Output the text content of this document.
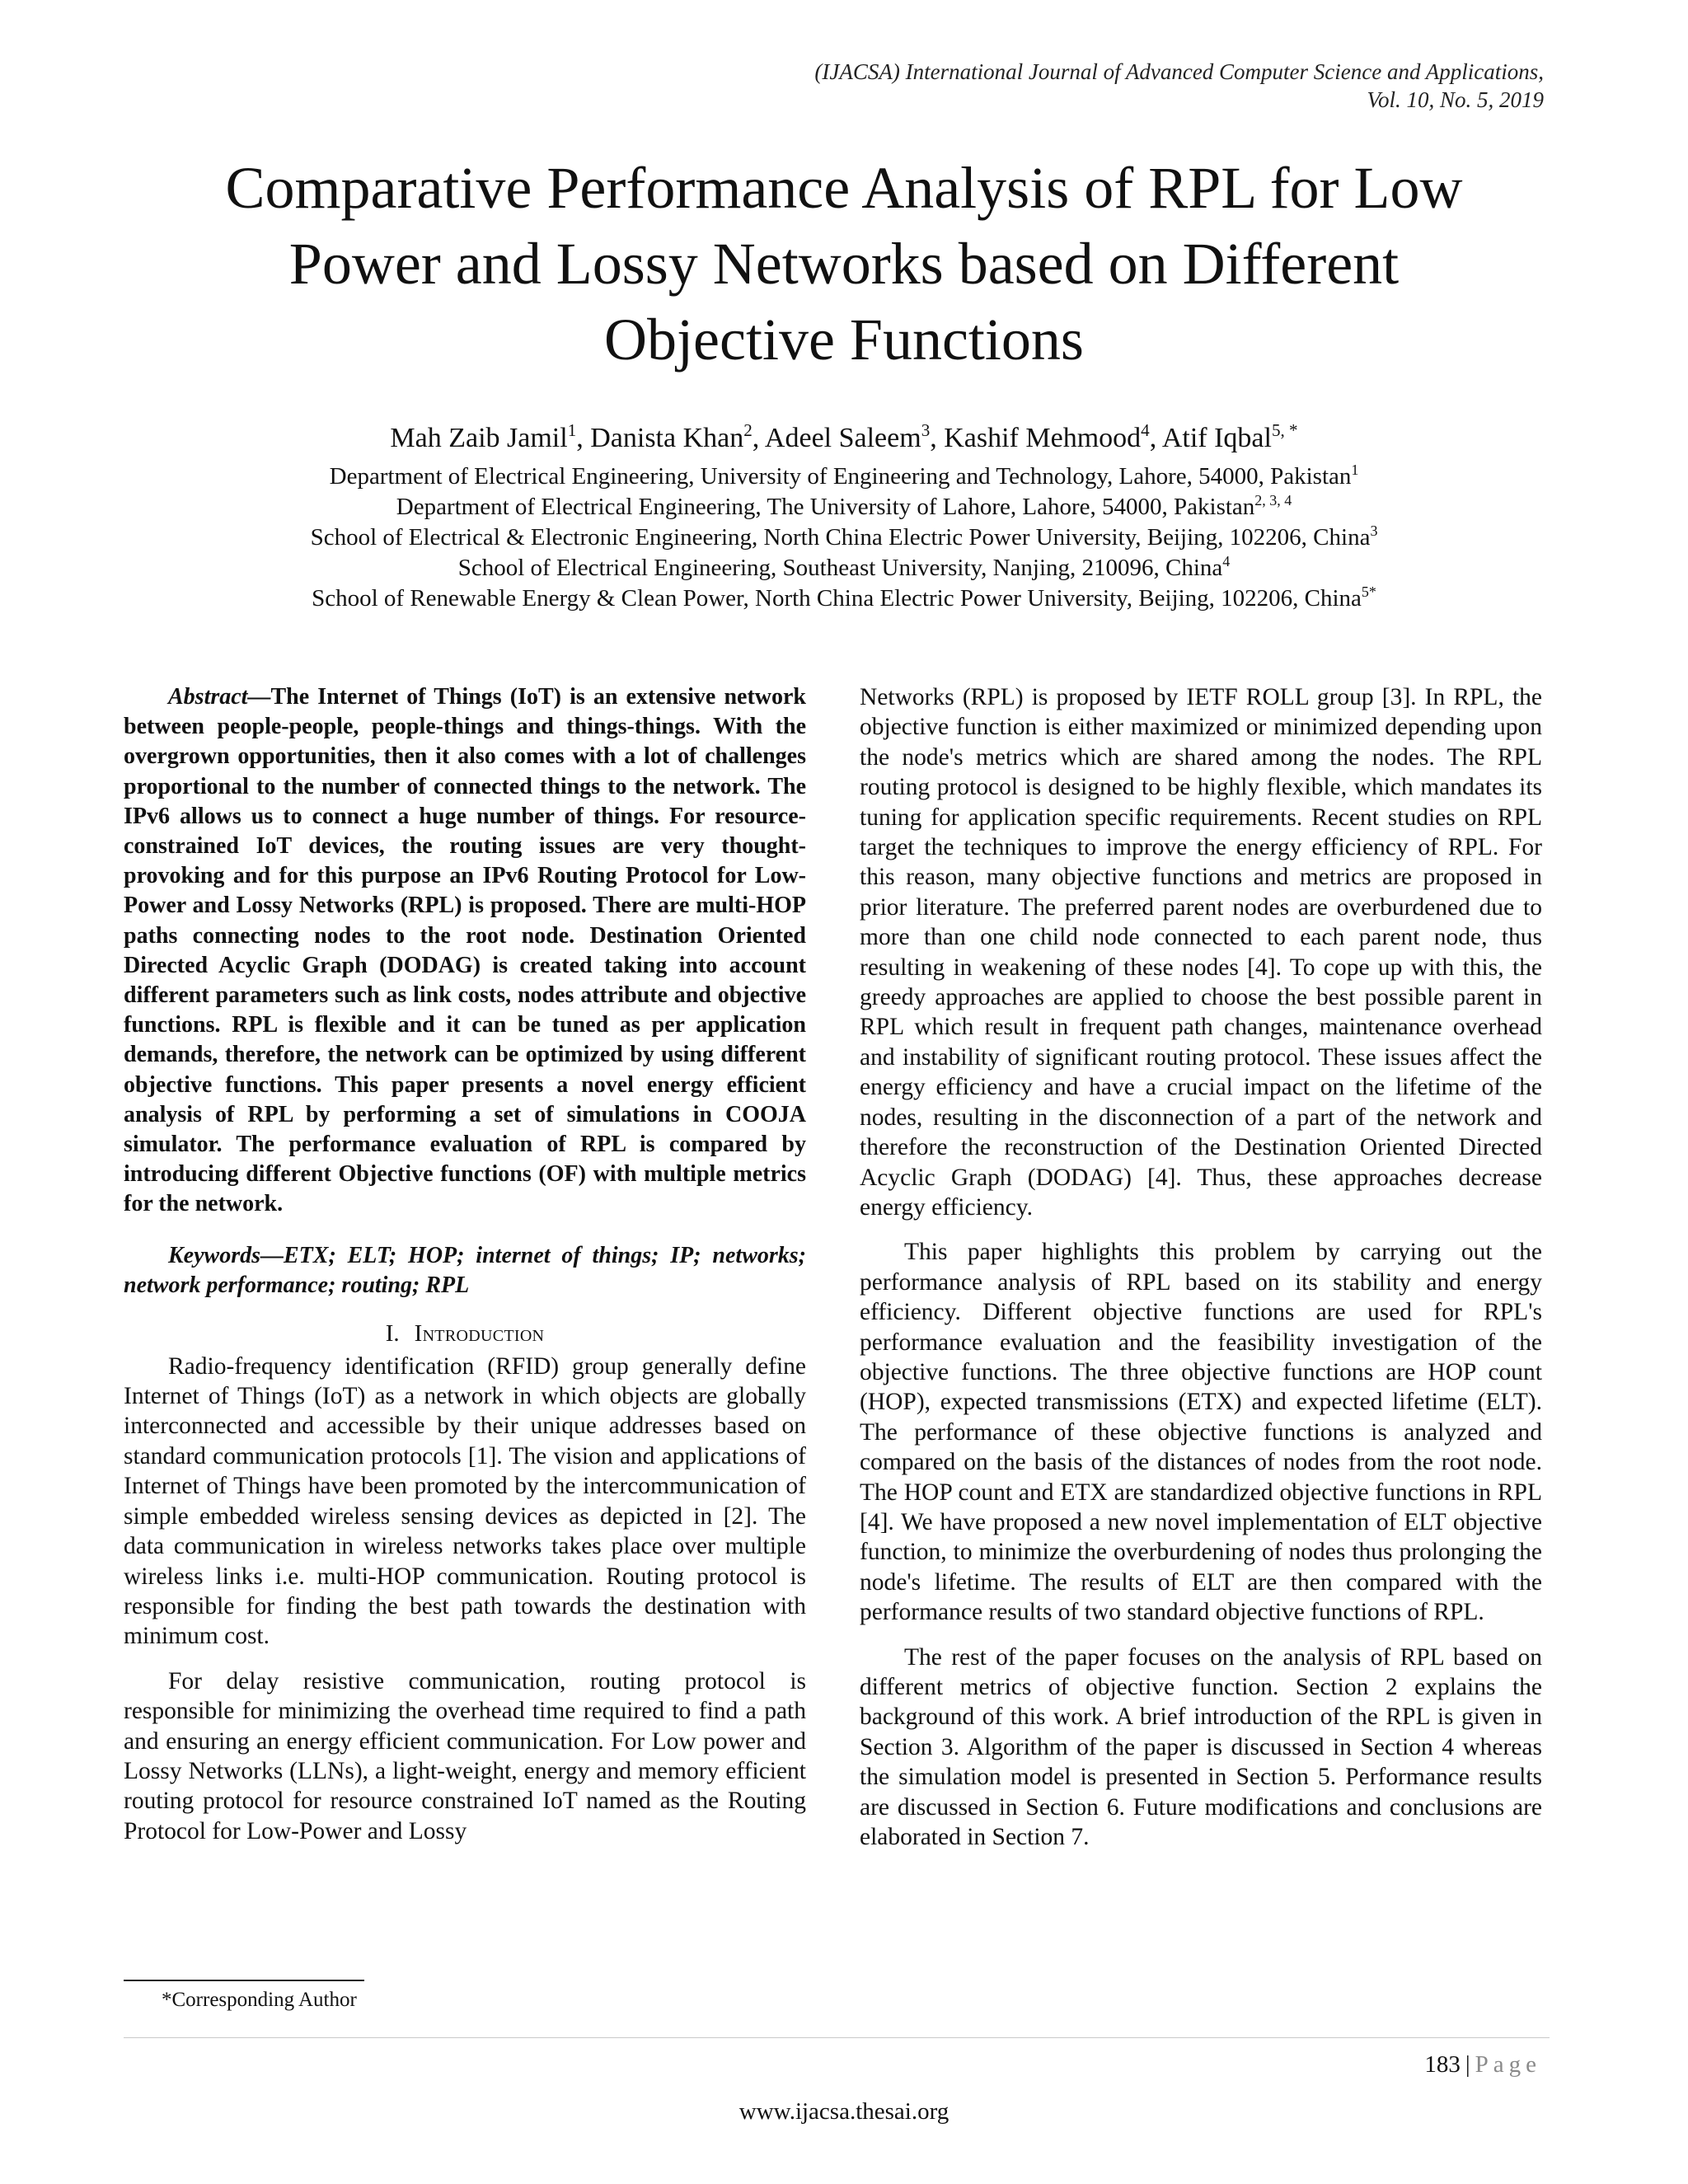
(IJACSA) International Journal of Advanced Computer Science and Applications,
Vol. 10, No. 5, 2019
Comparative Performance Analysis of RPL for Low
Power and Lossy Networks based on Different
Objective Functions
Mah Zaib Jamil$^1$, Danista Khan$^2$, Adeel Saleem$^3$, Kashif Mehmood$^4$, Atif Iqbal$^{5, *}$
Department of Electrical Engineering, University of Engineering and Technology, Lahore, 54000, Pakistan$^1$
Department of Electrical Engineering, The University of Lahore, Lahore, 54000, Pakistan$^{2, 3, 4}$
School of Electrical & Electronic Engineering, North China Electric Power University, Beijing, 102206, China$^3$
School of Electrical Engineering, Southeast University, Nanjing, 210096, China$^4$
School of Renewable Energy & Clean Power, North China Electric Power University, Beijing, 102206, China$^{5*}$

Abstract—The Internet of Things (IoT) is an extensive network between people-people, people-things and things-things. With the overgrown opportunities, then it also comes with a lot of challenges proportional to the number of connected things to the network. The IPv6 allows us to connect a huge number of things. For resource-constrained IoT devices, the routing issues are very thought-provoking and for this purpose an IPv6 Routing Protocol for Low-Power and Lossy Networks (RPL) is proposed. There are multi-HOP paths connecting nodes to the root node. Destination Oriented Directed Acyclic Graph (DODAG) is created taking into account different parameters such as link costs, nodes attribute and objective functions. RPL is flexible and it can be tuned as per application demands, therefore, the network can be optimized by using different objective functions. This paper presents a novel energy efficient analysis of RPL by performing a set of simulations in COOJA simulator. The performance evaluation of RPL is compared by introducing different Objective functions (OF) with multiple metrics for the network.

Keywords—ETX; ELT; HOP; internet of things; IP; networks; network performance; routing; RPL

I. Introduction

Radio-frequency identification (RFID) group generally define Internet of Things (IoT) as a network in which objects are globally interconnected and accessible by their unique addresses based on standard communication protocols [1]. The vision and applications of Internet of Things have been promoted by the intercommunication of simple embedded wireless sensing devices as depicted in [2]. The data communication in wireless networks takes place over multiple wireless links i.e. multi-HOP communication. Routing protocol is responsible for finding the best path towards the destination with minimum cost.

For delay resistive communication, routing protocol is responsible for minimizing the overhead time required to find a path and ensuring an energy efficient communication. For Low power and Lossy Networks (LLNs), a light-weight, energy and memory efficient routing protocol for resource constrained IoT named as the Routing Protocol for Low-Power and Lossy

Networks (RPL) is proposed by IETF ROLL group [3]. In RPL, the objective function is either maximized or minimized depending upon the node's metrics which are shared among the nodes. The RPL routing protocol is designed to be highly flexible, which mandates its tuning for application specific requirements. Recent studies on RPL target the techniques to improve the energy efficiency of RPL. For this reason, many objective functions and metrics are proposed in prior literature. The preferred parent nodes are overburdened due to more than one child node connected to each parent node, thus resulting in weakening of these nodes [4]. To cope up with this, the greedy approaches are applied to choose the best possible parent in RPL which result in frequent path changes, maintenance overhead and instability of significant routing protocol. These issues affect the energy efficiency and have a crucial impact on the lifetime of the nodes, resulting in the disconnection of a part of the network and therefore the reconstruction of the Destination Oriented Directed Acyclic Graph (DODAG) [4]. Thus, these approaches decrease energy efficiency.

This paper highlights this problem by carrying out the performance analysis of RPL based on its stability and energy efficiency. Different objective functions are used for RPL's performance evaluation and the feasibility investigation of the objective functions. The three objective functions are HOP count (HOP), expected transmissions (ETX) and expected lifetime (ELT). The performance of these objective functions is analyzed and compared on the basis of the distances of nodes from the root node. The HOP count and ETX are standardized objective functions in RPL [4]. We have proposed a new novel implementation of ELT objective function, to minimize the overburdening of nodes thus prolonging the node's lifetime. The results of ELT are then compared with the performance results of two standard objective functions of RPL.

The rest of the paper focuses on the analysis of RPL based on different metrics of objective function. Section 2 explains the background of this work. A brief introduction of the RPL is given in Section 3. Algorithm of the paper is discussed in Section 4 whereas the simulation model is presented in Section 5. Performance results are discussed in Section 6. Future modifications and conclusions are elaborated in Section 7.

*Corresponding Author
183 | Page
www.ijacsa.thesai.org
